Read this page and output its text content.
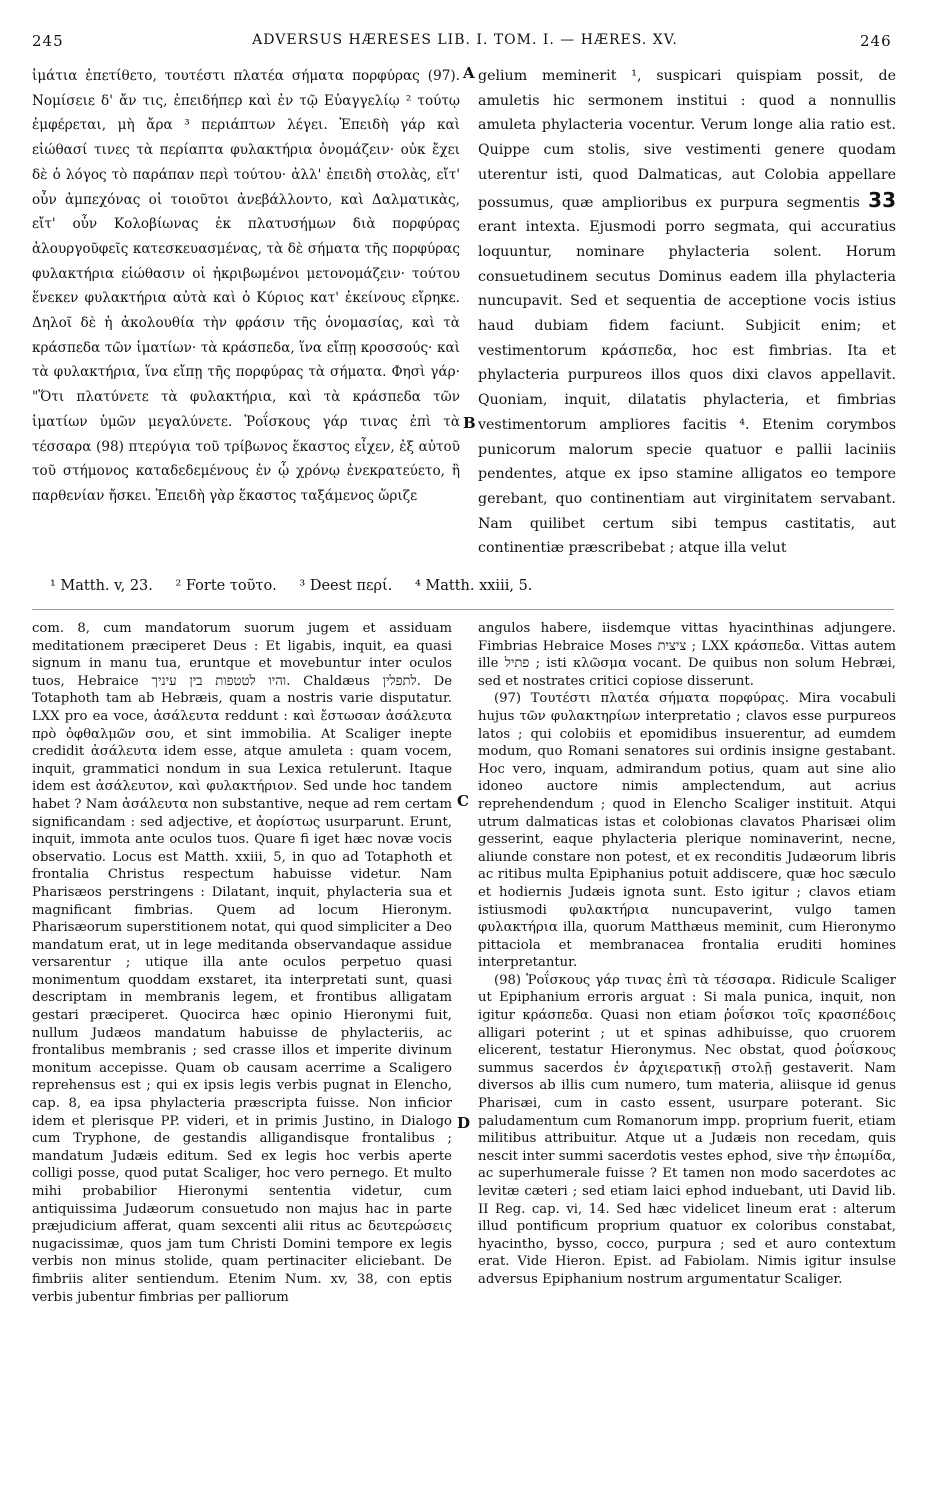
245	ADVERSUS HÆRESES LIB. I. TOM. I. — HÆRES. XV.	246

ἱμάτια ἐπετίθετο, τουτέστι πλατέα σήματα πορφύρας (97). Νομίσειε δ' ἄν τις, ἐπειδήπερ καὶ ἐν τῷ Εὐαγγελίῳ ² τούτῳ ἐμφέρεται, μὴ ἄρα ³ περιάπτων λέγει. Ἐπειδὴ γάρ καὶ εἰώθασί τινες τὰ περίαπτα φυλακτήρια ὀνομάζειν· οὐκ ἔχει δὲ ὁ λόγος τὸ παράπαν περὶ τούτου· ἀλλ' ἐπειδὴ στολὰς, εἴτ' οὖν ἀμπεχόνας οἱ τοιοῦτοι ἀνεβάλλοντο, καὶ Δαλματικὰς, εἴτ' οὖν Κολοβίωνας ἐκ πλατυσήμων διὰ πορφύρας ἀλουργοῦφεῖς κατεσκευασμένας, τὰ δὲ σήματα τῆς πορφύρας φυλακτήρια εἰώθασιν οἱ ἠκριβωμένοι μετονομάζειν· τούτου ἕνεκεν φυλακτήρια αὐτὰ καὶ ὁ Κύριος κατ' ἐκείνους εἴρηκε. Δηλοῖ δὲ ἡ ἀκολουθία τὴν φράσιν τῆς ὀνομασίας, καὶ τὰ κράσπεδα τῶν ἱματίων· τὰ κράσπεδα, ἵνα εἴπῃ κροσσούς· καὶ τὰ φυλακτήρια, ἵνα εἴπῃ τῆς πορφύρας τὰ σήματα. Φησὶ γάρ· "Ὅτι πλατύνετε τὰ φυλακτήρια, καὶ τὰ κράσπεδα τῶν ἱματίων ὑμῶν μεγαλύνετε. Ῥοΐσκους γάρ τινας ἐπὶ τὰ τέσσαρα (98) πτερύγια τοῦ τρίβωνος ἕκαστος εἶχεν, ἐξ αὐτοῦ τοῦ στήμονος καταδεδεμένους ἐν ᾧ χρόνῳ ἐνεκρατεύετο, ἢ παρθενίαν ἤσκει. Ἐπειδὴ γὰρ ἕκαστος ταξάμενος ὥριζε

A
B
C
D

gelium meminerit ¹, suspicari quispiam possit, de amuletis hic sermonem institui : quod a nonnullis amuleta phylacteria vocentur. Verum longe alia ratio est. Quippe cum stolis, sive vestimenti genere quodam uterentur isti, quod Dalmaticas, aut Colobia appellare possumus, quæ amplioribus ex purpura segmentis 33 erant intexta. Ejusmodi porro segmata, qui accuratius loquuntur, nominare phylacteria solent. Horum consuetudinem secutus Dominus eadem illa phylacteria nuncupavit. Sed et sequentia de acceptione vocis istius haud dubiam fidem faciunt. Subjicit enim; et vestimentorum κράσπεδα, hoc est fimbrias. Ita et phylacteria purpureos illos quos dixi clavos appellavit. Quoniam, inquit, dilatatis phylacteria, et fimbrias vestimentorum ampliores facitis ⁴. Etenim corymbos punicorum malorum specie quatuor e pallii laciniis pendentes, atque ex ipso stamine alligatos eo tempore gerebant, quo continentiam aut virginitatem servabant. Nam quilibet certum sibi tempus castitatis, aut continentiæ præscribebat ; atque illa velut

¹ Matth. v, 23. ² Forte τοῦτο. ³ Deest περί. ⁴ Matth. xxiii, 5.

com. 8, cum mandatorum suorum jugem et assiduam meditationem præciperet Deus : Et ligabis, inquit, ea quasi signum in manu tua, eruntque et movebuntur inter oculos tuos, Hebraice והיו לטטפות בין עיניך. Chaldæus לתפלין. De Totaphoth tam ab Hebræis, quam a nostris varie disputatur. LXX pro ea voce, ἀσάλευτα reddunt : καὶ ἔστωσαν ἀσάλευτα πρὸ ὀφθαλμῶν σου, et sint immobilia. At Scaliger inepte credidit ἀσάλευτα idem esse, atque amuleta : quam vocem, inquit, grammatici nondum in sua Lexica retulerunt. Itaque idem est ἀσάλευτον, καὶ φυλακτήριον. Sed unde hoc tandem habet ? Nam ἀσάλευτα non substantive, neque ad rem certam significandam : sed adjective, et ἀορίστως usurparunt. Erunt, inquit, immota ante oculos tuos. Quare fi iget hæc novæ vocis observatio. Locus est Matth. xxiii, 5, in quo ad Totaphoth et frontalia Christus respectum habuisse videtur. Nam Pharisæos perstringens : Dilatant, inquit, phylacteria sua et magnificant fimbrias. Quem ad locum Hieronym. Pharisæorum superstitionem notat, qui quod simpliciter a Deo mandatum erat, ut in lege meditanda observandaque assidue versarentur ; utique illa ante oculos perpetuo quasi monimentum quoddam exstaret, ita interpretati sunt, quasi descriptam in membranis legem, et frontibus alligatam gestari præciperet. Quocirca hæc opinio Hieronymi fuit, nullum Judæos mandatum habuisse de phylacteriis, ac frontalibus membranis ; sed crasse illos et imperite divinum monitum accepisse. Quam ob causam acerrime a Scaligero reprehensus est ; qui ex ipsis legis verbis pugnat in Elencho, cap. 8, ea ipsa phylacteria præscripta fuisse. Non inficior idem et plerisque PP. videri, et in primis Justino, in Dialogo cum Tryphone, de gestandis alligandisque frontalibus ; mandatum Judæis editum. Sed ex legis hoc verbis aperte colligi posse, quod putat Scaliger, hoc vero pernego. Et multo mihi probabilior Hieronymi sententia videtur, cum antiquissima Judæorum consuetudo non majus hac in parte præjudicium afferat, quam sexcenti alii ritus ac δευτερώσεις nugacissimæ, quos jam tum Christi Domini tempore ex legis verbis non minus stolide, quam pertinaciter eliciebant. De fimbriis aliter sentiendum. Etenim Num. xv, 38, con eptis verbis jubentur fimbrias per palliorum

angulos habere, iisdemque vittas hyacinthinas adjungere. Fimbrias Hebraice Moses ציצית ; LXX κράσπεδα. Vittas autem ille פתיל ; isti κλῶσμα vocant. De quibus non solum Hebræi, sed et nostrates critici copiose disserunt.

(97) Τουτέστι πλατέα σήματα πορφύρας. Mira vocabuli hujus τῶν φυλακτηρίων interpretatio ; clavos esse purpureos latos ; qui colobiis et epomidibus insuerentur, ad eumdem modum, quo Romani senatores sui ordinis insigne gestabant. Hoc vero, inquam, admirandum potius, quam aut sine alio idoneo auctore nimis amplectendum, aut acrius reprehendendum ; quod in Elencho Scaliger instituit. Atqui utrum dalmaticas istas et colobionas clavatos Pharisæi olim gesserint, eaque phylacteria plerique nominaverint, necne, aliunde constare non potest, et ex reconditis Judæorum libris ac ritibus multa Epiphanius potuit addiscere, quæ hoc sæculo et hodiernis Judæis ignota sunt. Esto igitur ; clavos etiam istiusmodi φυλακτήρια nuncupaverint, vulgo tamen φυλακτήρια illa, quorum Matthæus meminit, cum Hieronymo pittaciola et membranacea frontalia eruditi homines interpretantur.

(98) Ῥοΐσκους γάρ τινας ἐπὶ τὰ τέσσαρα. Ridicule Scaliger ut Epiphanium erroris arguat : Si mala punica, inquit, non igitur κράσπεδα. Quasi non etiam ῥοΐσκοι τοῖς κρασπέδοις alligari poterint ; ut et spinas adhibuisse, quo cruorem elicerent, testatur Hieronymus. Nec obstat, quod ῥοΐσκους summus sacerdos ἐν ἀρχιερατικῇ στολῇ gestaverit. Nam diversos ab illis cum numero, tum materia, aliisque id genus Pharisæi, cum in casto essent, usurpare poterant. Sic paludamentum cum Romanorum impp. proprium fuerit, etiam militibus attribuitur. Atque ut a Judæis non recedam, quis nescit inter summi sacerdotis vestes ephod, sive τὴν ἐπωμίδα, ac superhumerale fuisse ? Et tamen non modo sacerdotes ac levitæ cæteri ; sed etiam laici ephod induebant, uti David lib. II Reg. cap. vi, 14. Sed hæc videlicet lineum erat : alterum illud pontificum proprium quatuor ex coloribus constabat, hyacintho, bysso, cocco, purpura ; sed et auro contextum erat. Vide Hieron. Epist. ad Fabiolam. Nimis igitur insulse adversus Epiphanium nostrum argumentatur Scaliger.
